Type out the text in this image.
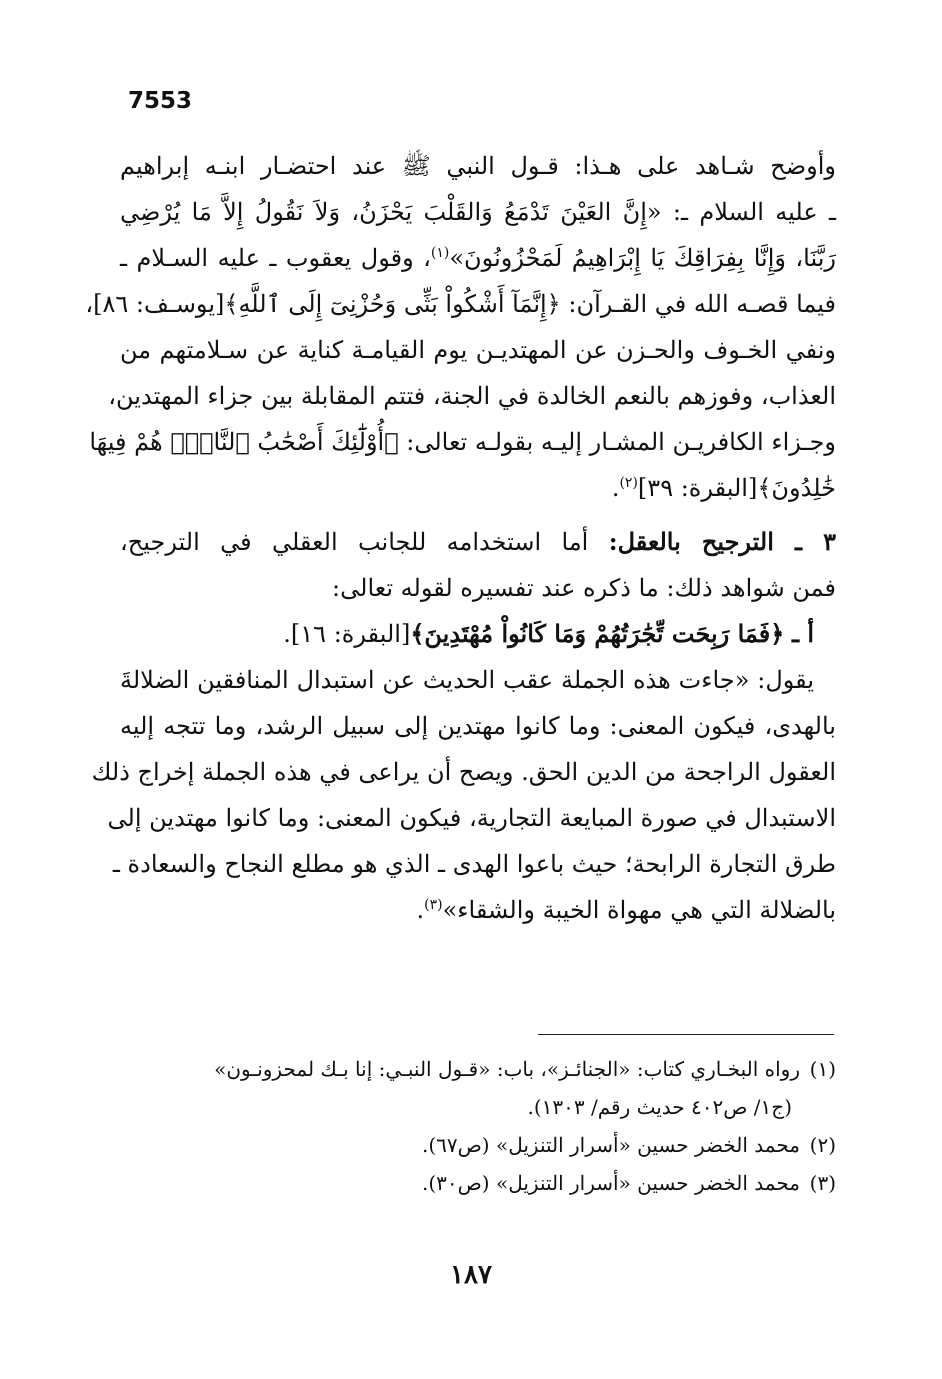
7553
وأوضح شـاهد على هـذا: قـول النبي ﷺ عند احتضـار ابنـه إبراهيم
ـ عليه السلام ـ: «إِنَّ العَيْنَ تَدْمَعُ وَالقَلْبَ يَحْزَنُ، وَلاَ نَقُولُ إِلاَّ مَا يُرْضِي
رَبَّنَا، وَإِنَّا بِفِرَاقِكَ يَا إِبْرَاهِيمُ لَمَحْزُونُونَ»$^{(١)}$، وقول يعقوب ـ عليه السـلام ـ
فيما قصـه الله في القـرآن: ﴿إِنَّمَآ أَشْكُواْ بَثِّى وَحُزْنِىٓ إِلَى ٱللَّهِ﴾[يوسـف: ٨٦]،
ونفي الخـوف والحـزن عن المهتديـن يوم القيامـة كناية عن سـلامتهم من
العذاب، وفوزهم بالنعم الخالدة في الجنة، فتتم المقابلة بين جزاء المهتدين،
وجـزاء الكافريـن المشـار إليـه بقولـه تعالى: ﴿أُوْلَٰٓئِكَ أَصْحَٰبُ ٱلنَّارِۖ هُمْ فِيهَا
خَٰلِدُونَ﴾[البقرة: ٣٩]$^{(٢)}$.
٣ ـ الترجيح بالعقل: أما استخدامه للجانب العقلي في الترجيح،
فمن شواهد ذلك: ما ذكره عند تفسيره لقوله تعالى:
أ ـ ﴿فَمَا رَبِحَت تِّجَٰرَتُهُمْ وَمَا كَانُواْ مُهْتَدِينَ﴾[البقرة: ١٦].
يقول: «جاءت هذه الجملة عقب الحديث عن استبدال المنافقين الضلالةَ
بالهدى، فيكون المعنى: وما كانوا مهتدين إلى سبيل الرشد، وما تتجه إليه
العقول الراجحة من الدين الحق. ويصح أن يراعى في هذه الجملة إخراج ذلك
الاستبدال في صورة المبايعة التجارية، فيكون المعنى: وما كانوا مهتدين إلى
طرق التجارة الرابحة؛ حيث باعوا الهدى ـ الذي هو مطلع النجاح والسعادة ـ
بالضلالة التي هي مهواة الخيبة والشقاء»$^{(٣)}$.
(١)رواه البخـاري كتاب: «الجنائـز»، باب: «قـول النبـي: إنا بـك لمحزونـون»
(ج١/ ص٤٠٢ حديث رقم/ ١٣٠٣).
(٢)محمد الخضر حسين «أسرار التنزيل» (ص٦٧).
(٣)محمد الخضر حسين «أسرار التنزيل» (ص٣٠).
١٨٧
